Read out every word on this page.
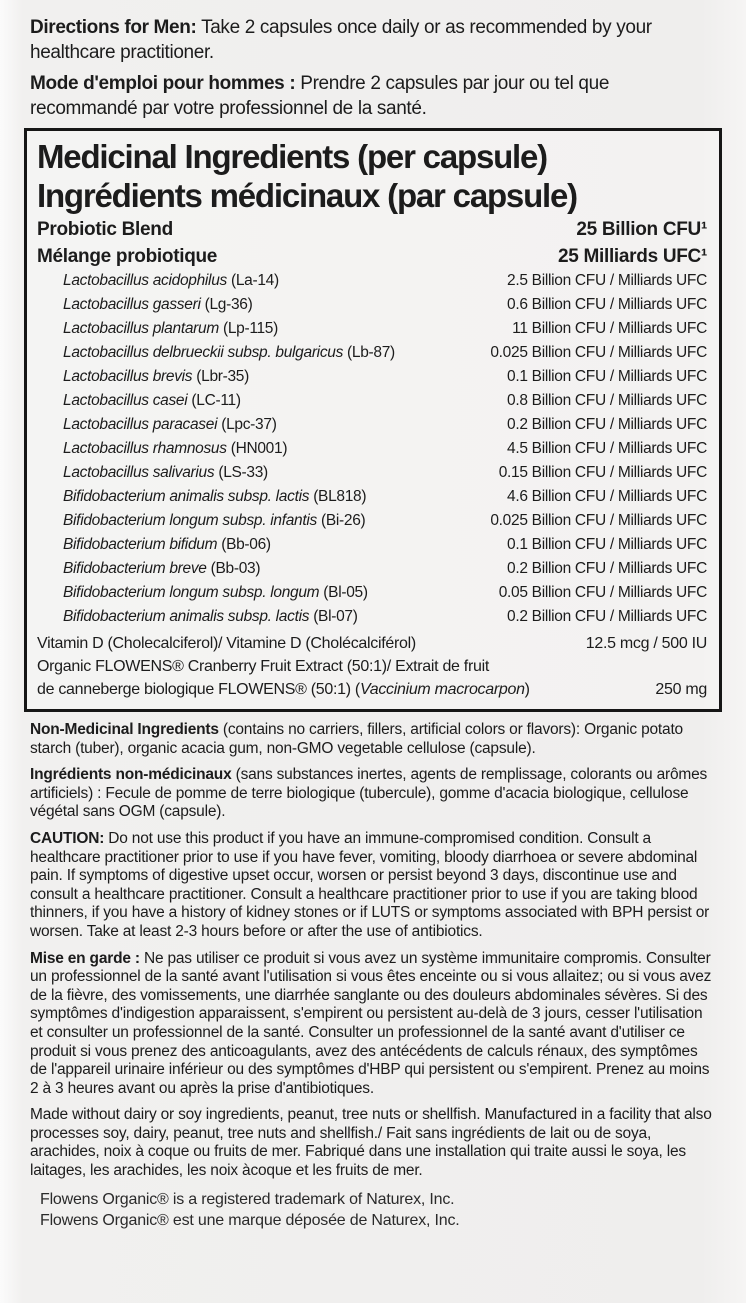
Directions for Men: Take 2 capsules once daily or as recommended by your healthcare practitioner.

Mode d'emploi pour hommes : Prendre 2 capsules par jour ou tel que recommandé par votre professionnel de la santé.

Medicinal Ingredients (per capsule)
Ingrédients médicinaux (par capsule)
Probiotic Blend	25 Billion CFU¹
Mélange probiotique	25 Milliards UFC¹
Lactobacillus acidophilus (La-14)	2.5 Billion CFU / Milliards UFC
Lactobacillus gasseri (Lg-36)	0.6 Billion CFU / Milliards UFC
Lactobacillus plantarum (Lp-115)	11 Billion CFU / Milliards UFC
Lactobacillus delbrueckii subsp. bulgaricus (Lb-87)	0.025 Billion CFU / Milliards UFC
Lactobacillus brevis (Lbr-35)	0.1 Billion CFU / Milliards UFC
Lactobacillus casei (LC-11)	0.8 Billion CFU / Milliards UFC
Lactobacillus paracasei (Lpc-37)	0.2 Billion CFU / Milliards UFC
Lactobacillus rhamnosus (HN001)	4.5 Billion CFU / Milliards UFC
Lactobacillus salivarius (LS-33)	0.15 Billion CFU / Milliards UFC
Bifidobacterium animalis subsp. lactis (BL818)	4.6 Billion CFU / Milliards UFC
Bifidobacterium longum subsp. infantis (Bi-26)	0.025 Billion CFU / Milliards UFC
Bifidobacterium bifidum (Bb-06)	0.1 Billion CFU / Milliards UFC
Bifidobacterium breve (Bb-03)	0.2 Billion CFU / Milliards UFC
Bifidobacterium longum subsp. longum (Bl-05)	0.05 Billion CFU / Milliards UFC
Bifidobacterium animalis subsp. lactis (Bl-07)	0.2 Billion CFU / Milliards UFC
Vitamin D (Cholecalciferol)/ Vitamine D (Cholécalciférol)	12.5 mcg / 500 IU
Organic FLOWENS® Cranberry Fruit Extract (50:1)/ Extrait de fruit
de canneberge biologique FLOWENS® (50:1) (Vaccinium macrocarpon)	250 mg

Non-Medicinal Ingredients (contains no carriers, fillers, artificial colors or flavors): Organic potato starch (tuber), organic acacia gum, non-GMO vegetable cellulose (capsule).

Ingrédients non-médicinaux (sans substances inertes, agents de remplissage, colorants ou arômes artificiels) : Fecule de pomme de terre biologique (tubercule), gomme d'acacia biologique, cellulose végétal sans OGM (capsule).

CAUTION: Do not use this product if you have an immune-compromised condition. Consult a healthcare practitioner prior to use if you have fever, vomiting, bloody diarrhoea or severe abdominal pain. If symptoms of digestive upset occur, worsen or persist beyond 3 days, discontinue use and consult a healthcare practitioner. Consult a healthcare practitioner prior to use if you are taking blood thinners, if you have a history of kidney stones or if LUTS or symptoms associated with BPH persist or worsen. Take at least 2-3 hours before or after the use of antibiotics.

Mise en garde : Ne pas utiliser ce produit si vous avez un système immunitaire compromis. Consulter un professionnel de la santé avant l'utilisation si vous êtes enceinte ou si vous allaitez; ou si vous avez de la fièvre, des vomissements, une diarrhée sanglante ou des douleurs abdominales sévères. Si des symptômes d'indigestion apparaissent, s'empirent ou persistent au-delà de 3 jours, cesser l'utilisation et consulter un professionnel de la santé. Consulter un professionnel de la santé avant d'utiliser ce produit si vous prenez des anticoagulants, avez des antécédents de calculs rénaux, des symptômes de l'appareil urinaire inférieur ou des symptômes d'HBP qui persistent ou s'empirent. Prenez au moins 2 à 3 heures avant ou après la prise d'antibiotiques.

Made without dairy or soy ingredients, peanut, tree nuts or shellfish. Manufactured in a facility that also processes soy, dairy, peanut, tree nuts and shellfish./ Fait sans ingrédients de lait ou de soya, arachides, noix à coque ou fruits de mer. Fabriqué dans une installation qui traite aussi le soya, les laitages, les arachides, les noix àcoque et les fruits de mer.

Flowens Organic® is a registered trademark of Naturex, Inc.
Flowens Organic® est une marque déposée de Naturex, Inc.
